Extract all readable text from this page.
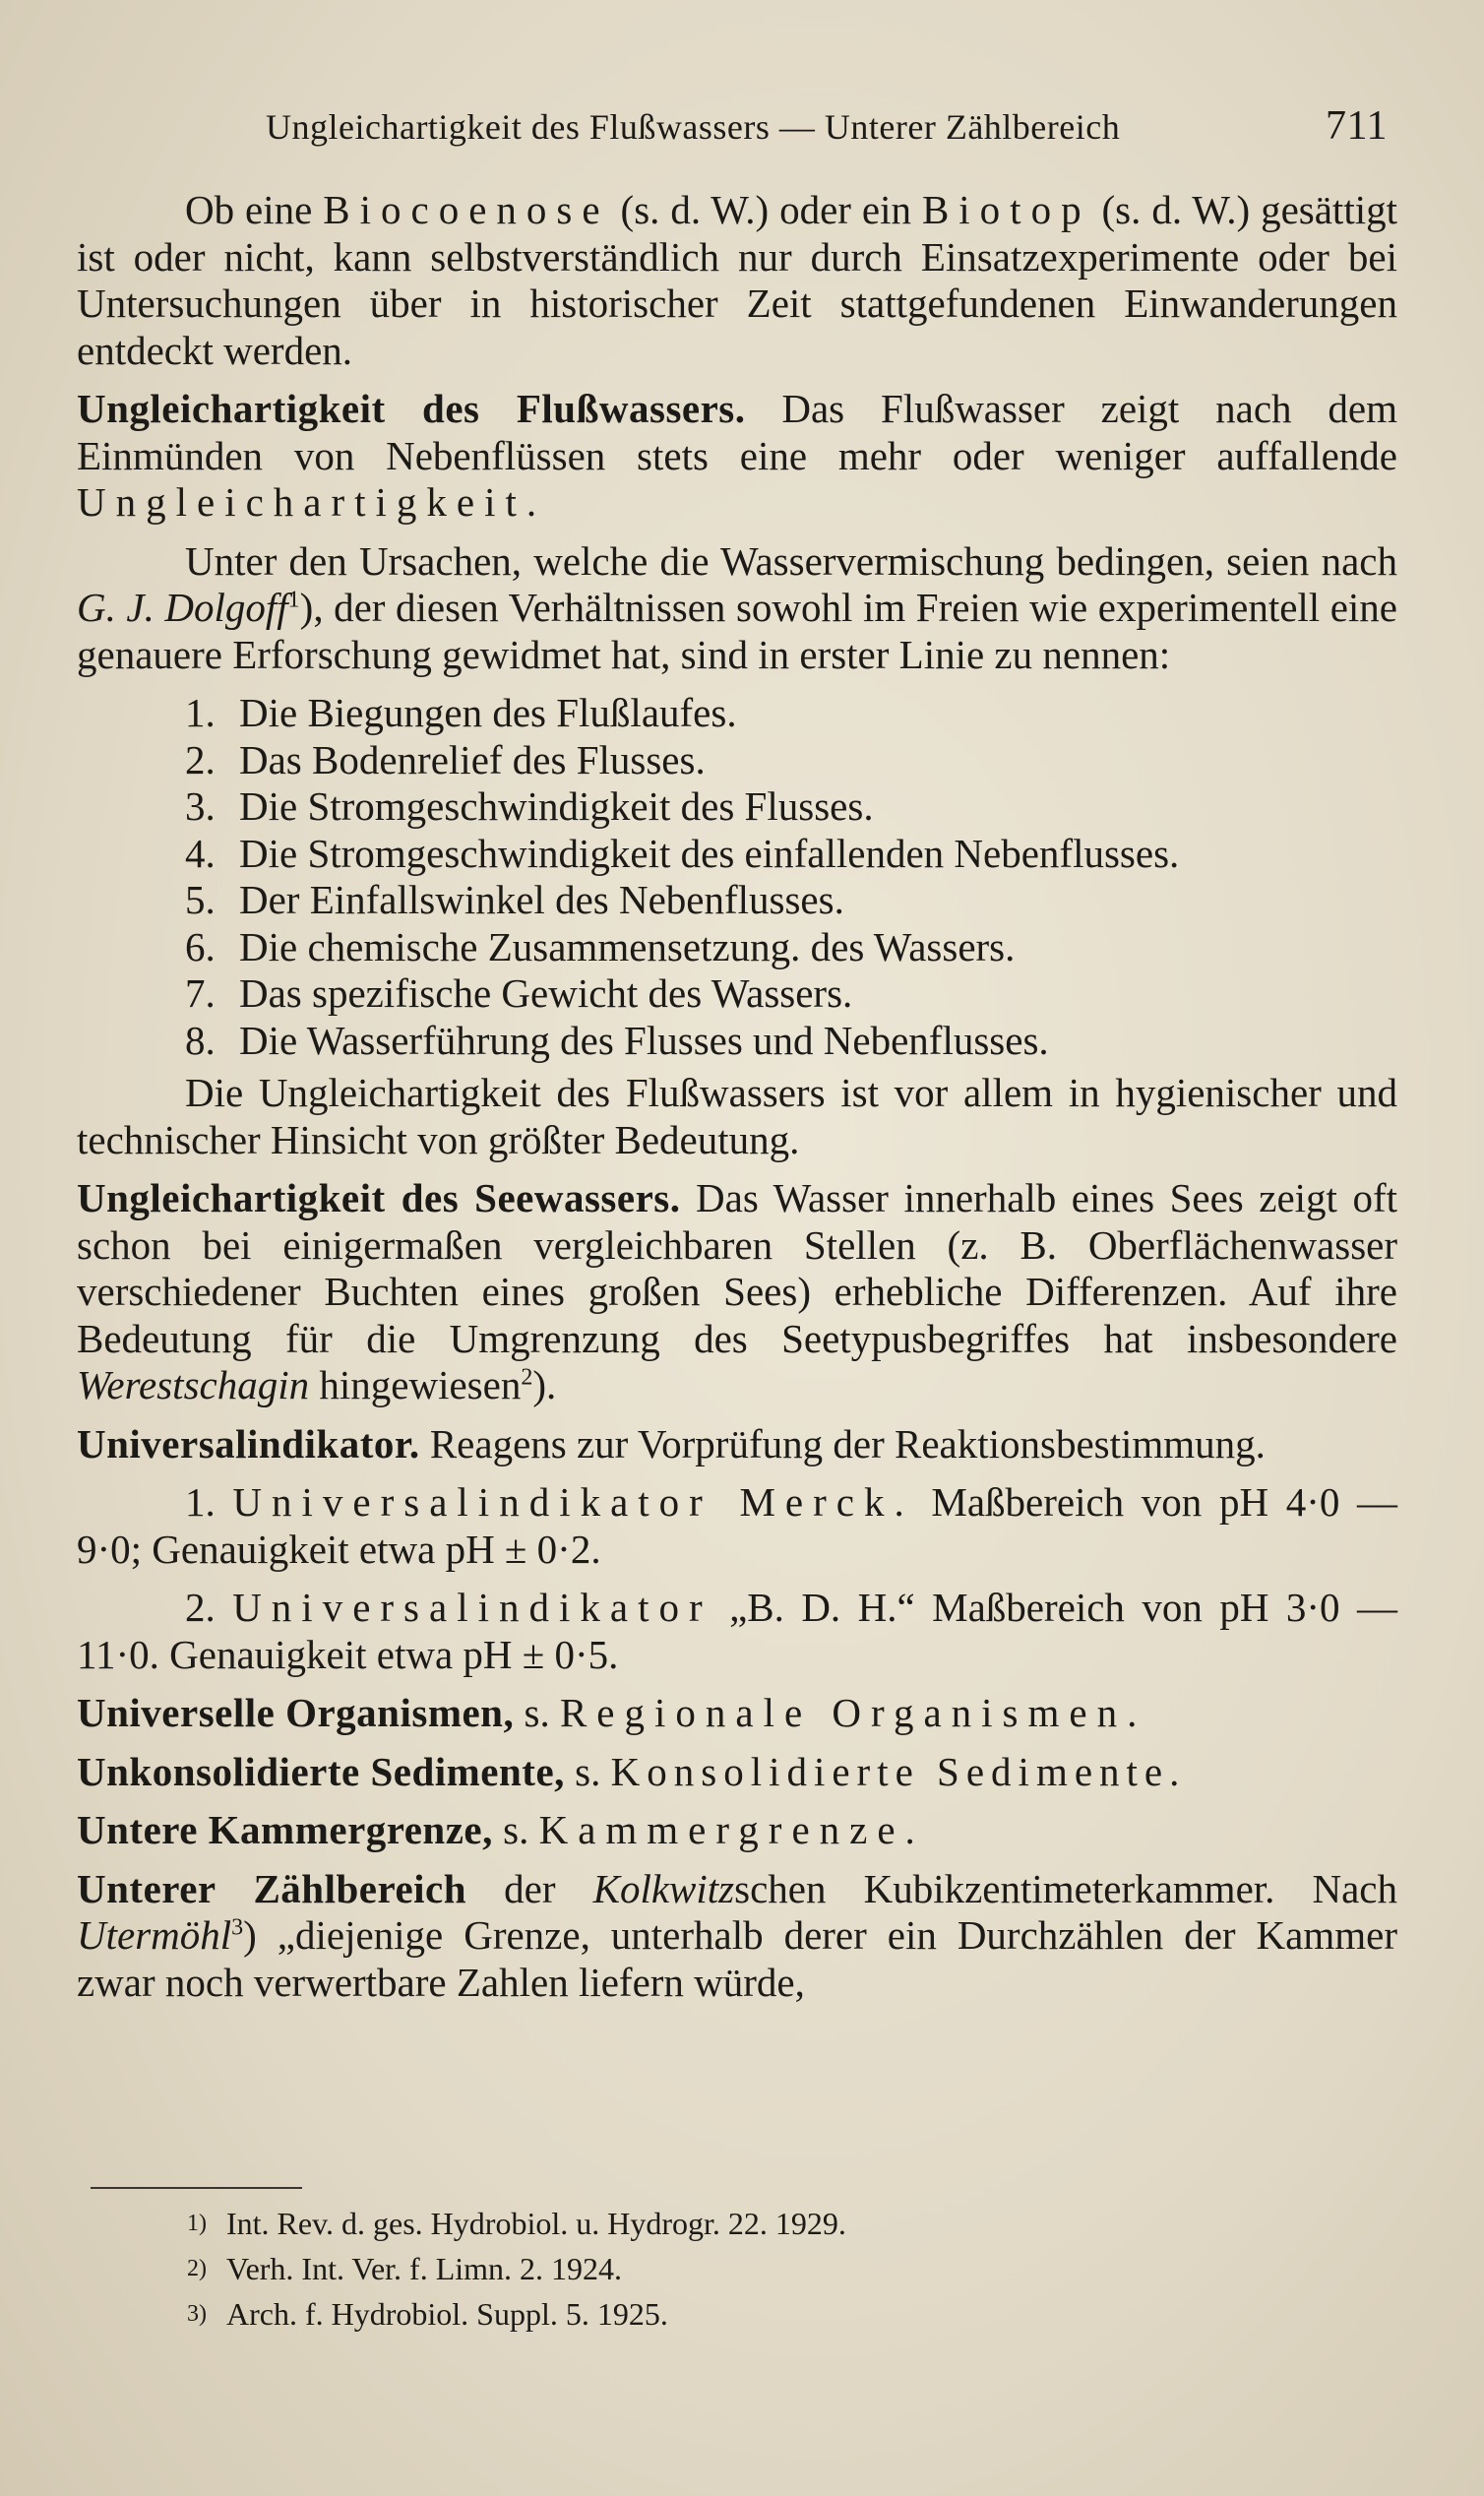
Ungleichartigkeit des Flußwassers — Unterer Zählbereich	711

Ob eine Biocoenose (s. d. W.) oder ein Biotop (s. d. W.) gesättigt ist oder nicht, kann selbstverständlich nur durch Einsatzexperimente oder bei Untersuchungen über in historischer Zeit stattgefundenen Einwanderungen entdeckt werden.

Ungleichartigkeit des Flußwassers. Das Flußwasser zeigt nach dem Einmünden von Nebenflüssen stets eine mehr oder weniger auffallende Ungleichartigkeit.

Unter den Ursachen, welche die Wasservermischung bedingen, seien nach G. J. Dolgoff$^1$), der diesen Verhältnissen sowohl im Freien wie experimentell eine genauere Erforschung gewidmet hat, sind in erster Linie zu nennen:

1. Die Biegungen des Flußlaufes.
2. Das Bodenrelief des Flusses.
3. Die Stromgeschwindigkeit des Flusses.
4. Die Stromgeschwindigkeit des einfallenden Nebenflusses.
5. Der Einfallswinkel des Nebenflusses.
6. Die chemische Zusammensetzung. des Wassers.
7. Das spezifische Gewicht des Wassers.
8. Die Wasserführung des Flusses und Nebenflusses.

Die Ungleichartigkeit des Flußwassers ist vor allem in hygienischer und technischer Hinsicht von größter Bedeutung.

Ungleichartigkeit des Seewassers. Das Wasser innerhalb eines Sees zeigt oft schon bei einigermaßen vergleichbaren Stellen (z. B. Oberflächenwasser verschiedener Buchten eines großen Sees) erhebliche Differenzen. Auf ihre Bedeutung für die Umgrenzung des Seetypusbegriffes hat insbesondere Werestschagin hingewiesen$^2$).

Universalindikator. Reagens zur Vorprüfung der Reaktionsbestimmung.

1. Universalindikator Merck. Maßbereich von pH 4·0 — 9·0; Genauigkeit etwa pH ± 0·2.

2. Universalindikator „B. D. H.“ Maßbereich von pH 3·0 — 11·0. Genauigkeit etwa pH ± 0·5.

Universelle Organismen, s. Regionale Organismen.

Unkonsolidierte Sedimente, s. Konsolidierte Sedimente.

Untere Kammergrenze, s. Kammergrenze.

Unterer Zählbereich der Kolkwitzschen Kubikzentimeterkammer. Nach Utermöhl$^3$) „diejenige Grenze, unterhalb derer ein Durchzählen der Kammer zwar noch verwertbare Zahlen liefern würde,

1) Int. Rev. d. ges. Hydrobiol. u. Hydrogr. 22. 1929.
2) Verh. Int. Ver. f. Limn. 2. 1924.
3) Arch. f. Hydrobiol. Suppl. 5. 1925.
